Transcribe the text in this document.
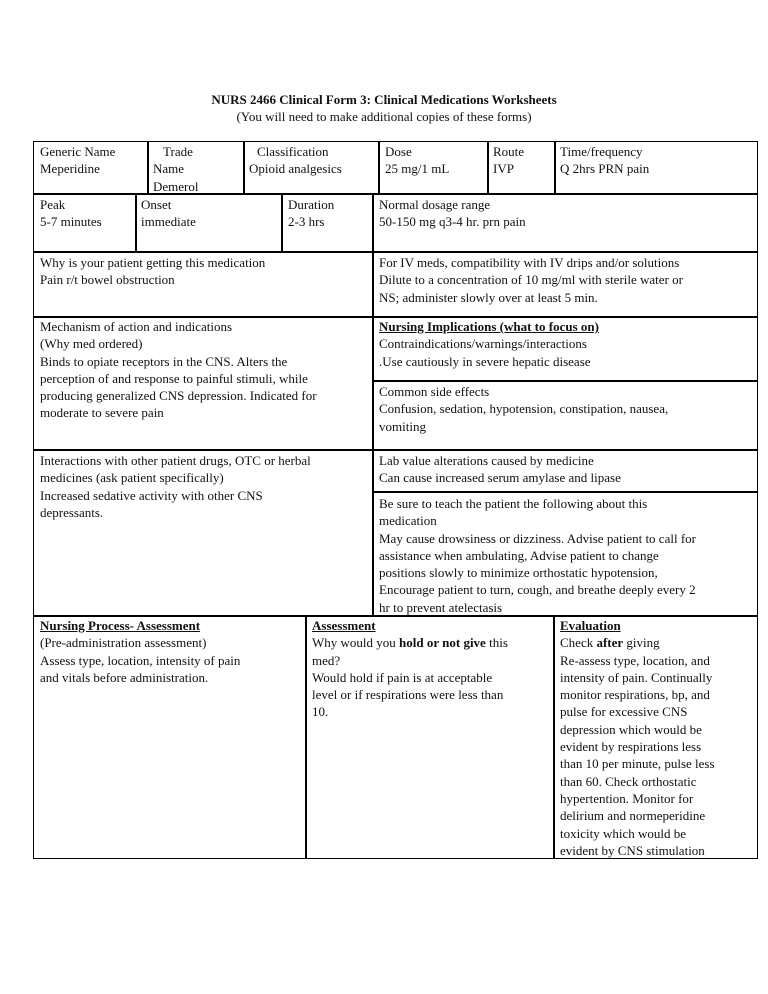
NURS 2466 Clinical Form 3: Clinical Medications Worksheets
(You will need to make additional copies of these forms)
Generic Name
Meperidine
Trade
Name
Demerol
Classification
Opioid analgesics
Dose
25 mg/1 mL
Route
IVP
Time/frequency
Q 2hrs PRN pain
Peak
5-7 minutes
Onset
immediate
Duration
2-3 hrs
Normal dosage range
50-150 mg q3-4 hr. prn pain
Why is your patient getting this medication
Pain r/t bowel obstruction
For IV meds, compatibility with IV drips and/or solutions
Dilute to a concentration of 10 mg/ml with sterile water or
NS; administer slowly over at least 5 min.
Mechanism of action and indications
(Why med ordered)
Binds to opiate receptors in the CNS. Alters the
perception of and response to painful stimuli, while
producing generalized CNS depression. Indicated for
moderate to severe pain
Nursing Implications (what to focus on)
Contraindications/warnings/interactions
.Use cautiously in severe hepatic disease
Common side effects
Confusion, sedation, hypotension, constipation, nausea,
vomiting
Interactions with other patient drugs, OTC or herbal
medicines (ask patient specifically)
Increased sedative activity with other CNS
depressants.
Lab value alterations caused by medicine
Can cause increased serum amylase and lipase
Be sure to teach the patient the following about this
medication
May cause drowsiness or dizziness. Advise patient to call for
assistance when ambulating, Advise patient to change
positions slowly to minimize orthostatic hypotension,
Encourage patient to turn, cough, and breathe deeply every 2
hr to prevent atelectasis
Nursing Process- Assessment
(Pre-administration assessment)
Assess type, location, intensity of pain
and vitals before administration.
Assessment
Why would you hold or not give this
med?
Would hold if pain is at acceptable
level or if respirations were less than
10.
Evaluation
Check after giving
Re-assess type, location, and
intensity of pain. Continually
monitor respirations, bp, and
pulse for excessive CNS
depression which would be
evident by respirations less
than 10 per minute, pulse less
than 60. Check orthostatic
hypertention. Monitor for
delirium and normeperidine
toxicity which would be
evident by CNS stimulation
